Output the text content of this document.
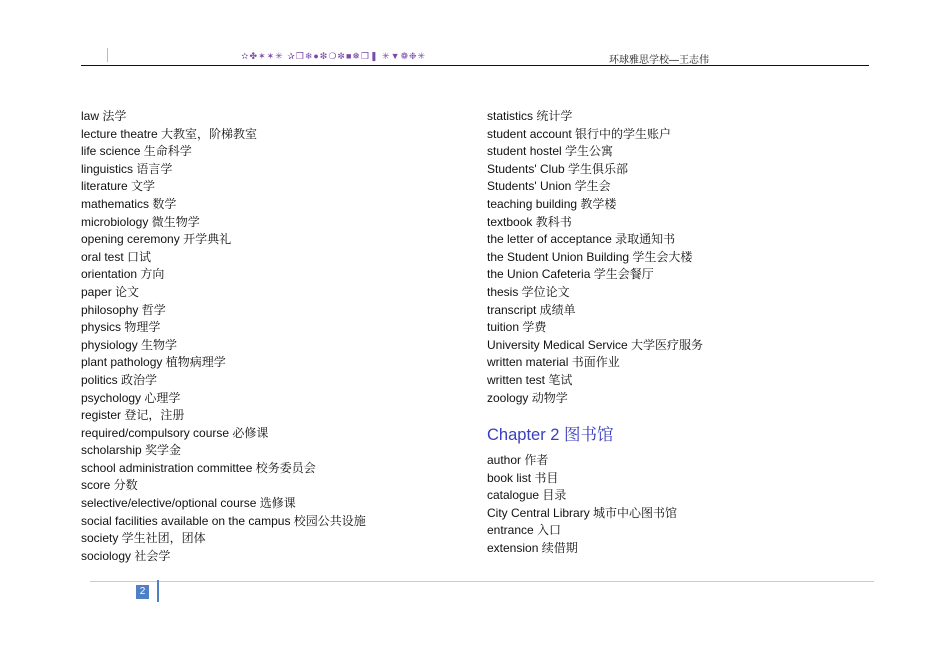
✫✤✶✶✳ ✰❒❄●❇❍✼■❅❒❚ ✳▼❁❉✳	环球雅思学校—王志伟
law 法学
lecture theatre 大教室，阶梯教室
life science 生命科学
linguistics 语言学
literature 文学
mathematics 数学
microbiology 微生物学
opening ceremony 开学典礼
oral test 口试
orientation 方向
paper 论文
philosophy 哲学
physics 物理学
physiology 生物学
plant pathology 植物病理学
politics 政治学
psychology 心理学
register 登记，注册
required/compulsory course 必修课
scholarship 奖学金
school administration committee 校务委员会
score 分数
selective/elective/optional course 选修课
social facilities available on the campus 校园公共设施
society 学生社团，团体
sociology 社会学
statistics 统计学
student account 银行中的学生账户
student hostel 学生公寓
Students' Club 学生俱乐部
Students' Union 学生会
teaching building 教学楼
textbook 教科书
the letter of acceptance 录取通知书
the Student Union Building 学生会大楼
the Union Cafeteria 学生会餐厅
thesis 学位论文
transcript 成绩单
tuition 学费
University Medical Service 大学医疗服务
written material 书面作业
written test 笔试
zoology 动物学
Chapter 2 图书馆
author 作者
book list 书目
catalogue 目录
City Central Library 城市中心图书馆
entrance 入口
extension 续借期
2
